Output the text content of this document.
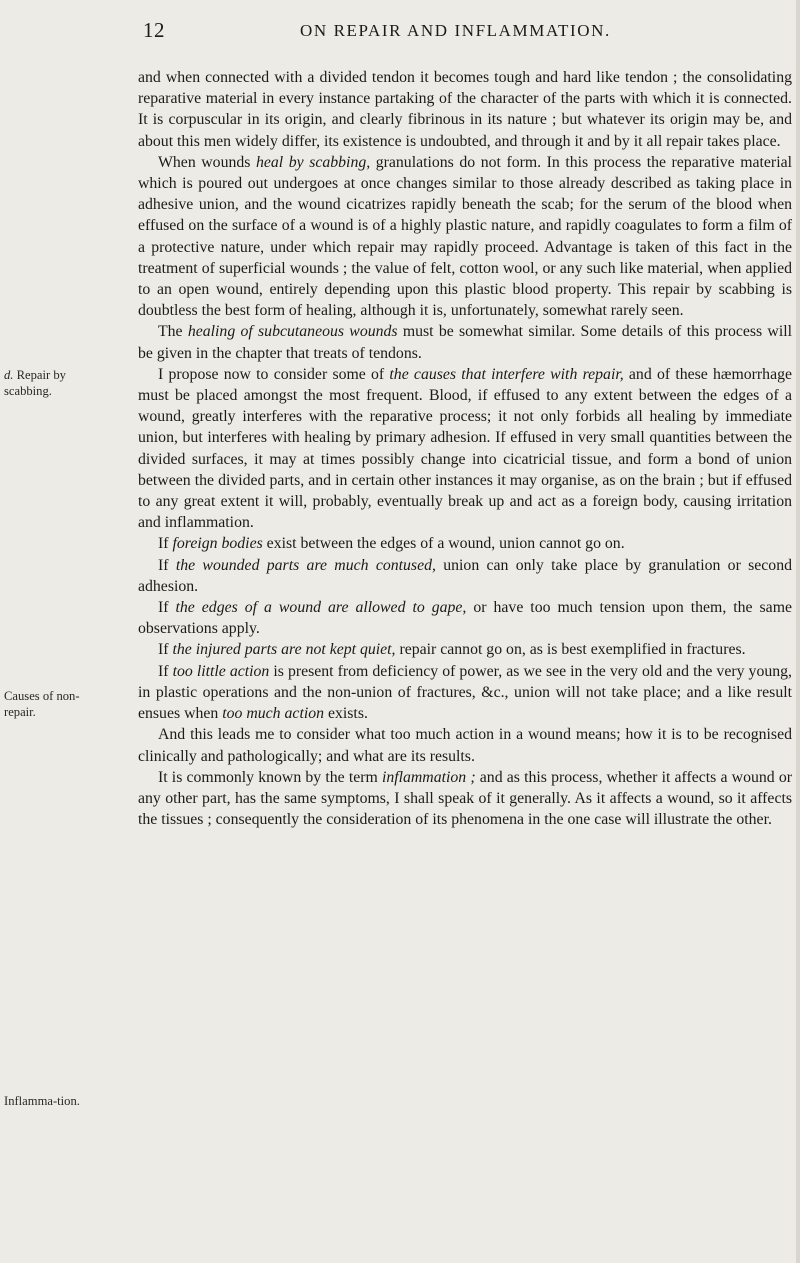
12	ON REPAIR AND INFLAMMATION.
d. Repair by scabbing.
Causes of non-repair.
Inflamma-tion.

and when connected with a divided tendon it becomes tough and hard like tendon ; the consolidating reparative material in every instance partaking of the character of the parts with which it is connected. It is corpuscular in its origin, and clearly fibrinous in its nature ; but whatever its origin may be, and about this men widely differ, its existence is undoubted, and through it and by it all repair takes place.

When wounds heal by scabbing, granulations do not form. In this process the reparative material which is poured out undergoes at once changes similar to those already described as taking place in adhesive union, and the wound cicatrizes rapidly beneath the scab; for the serum of the blood when effused on the surface of a wound is of a highly plastic nature, and rapidly coagulates to form a film of a protective nature, under which repair may rapidly proceed. Advantage is taken of this fact in the treatment of superficial wounds ; the value of felt, cotton wool, or any such like material, when applied to an open wound, entirely depending upon this plastic blood property. This repair by scabbing is doubtless the best form of healing, although it is, unfortunately, somewhat rarely seen.

The healing of subcutaneous wounds must be somewhat similar. Some details of this process will be given in the chapter that treats of tendons.

I propose now to consider some of the causes that interfere with repair, and of these hæmorrhage must be placed amongst the most frequent. Blood, if effused to any extent between the edges of a wound, greatly interferes with the reparative process; it not only forbids all healing by immediate union, but interferes with healing by primary adhesion. If effused in very small quantities between the divided surfaces, it may at times possibly change into cicatricial tissue, and form a bond of union between the divided parts, and in certain other instances it may organise, as on the brain ; but if effused to any great extent it will, probably, eventually break up and act as a foreign body, causing irritation and inflammation.

If foreign bodies exist between the edges of a wound, union cannot go on.

If the wounded parts are much contused, union can only take place by granulation or second adhesion.

If the edges of a wound are allowed to gape, or have too much tension upon them, the same observations apply.

If the injured parts are not kept quiet, repair cannot go on, as is best exemplified in fractures.

If too little action is present from deficiency of power, as we see in the very old and the very young, in plastic operations and the non-union of fractures, &c., union will not take place; and a like result ensues when too much action exists.

And this leads me to consider what too much action in a wound means; how it is to be recognised clinically and pathologically; and what are its results.

It is commonly known by the term inflammation ; and as this process, whether it affects a wound or any other part, has the same symptoms, I shall speak of it generally. As it affects a wound, so it affects the tissues ; consequently the consideration of its phenomena in the one case will illustrate the other.
